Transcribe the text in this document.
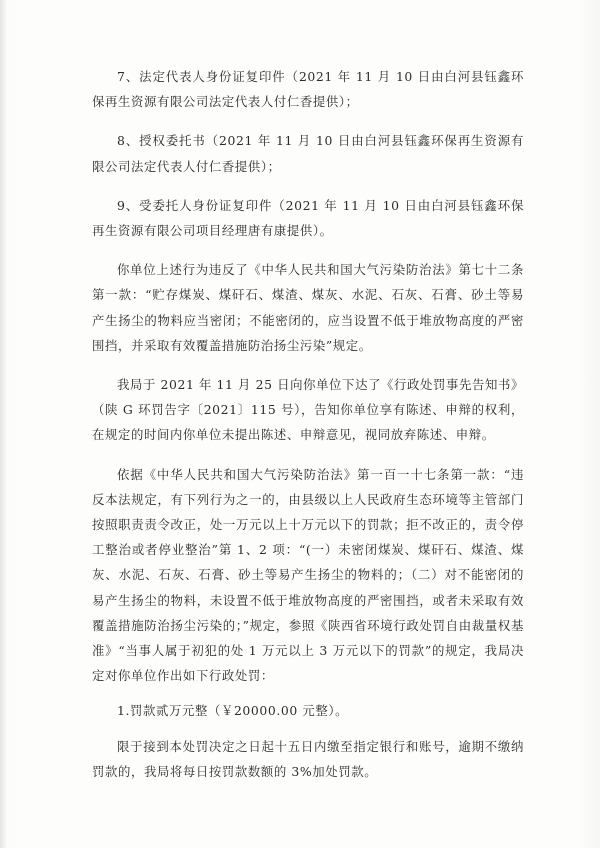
7、法定代表人身份证复印件（2021 年 11 月 10 日由白河县钰鑫环保再生资源有限公司法定代表人付仁香提供）；

8、授权委托书（2021 年 11 月 10 日由白河县钰鑫环保再生资源有限公司法定代表人付仁香提供）；

9、受委托人身份证复印件（2021 年 11 月 10 日由白河县钰鑫环保再生资源有限公司项目经理唐有康提供）。

你单位上述行为违反了《中华人民共和国大气污染防治法》第七十二条第一款：“贮存煤炭、煤矸石、煤渣、煤灰、水泥、石灰、石膏、砂土等易产生扬尘的物料应当密闭；不能密闭的，应当设置不低于堆放物高度的严密围挡，并采取有效覆盖措施防治扬尘污染”规定。

我局于 2021 年 11 月 25 日向你单位下达了《行政处罚事先告知书》（陕 G 环罚告字〔2021〕115 号），告知你单位享有陈述、申辩的权利，在规定的时间内你单位未提出陈述、申辩意见，视同放弃陈述、申辩。

依据《中华人民共和国大气污染防治法》第一百一十七条第一款：“违反本法规定，有下列行为之一的，由县级以上人民政府生态环境等主管部门按照职责责令改正，处一万元以上十万元以下的罚款；拒不改正的，责令停工整治或者停业整治”第 1、2 项：“(一）未密闭煤炭、煤矸石、煤渣、煤灰、水泥、石灰、石膏、砂土等易产生扬尘的物料的；（二）对不能密闭的易产生扬尘的物料，未设置不低于堆放物高度的严密围挡，或者未采取有效覆盖措施防治扬尘污染的；”规定，参照《陕西省环境行政处罚自由裁量权基准》“当事人属于初犯的处 1 万元以上 3 万元以下的罚款”的规定，我局决定对你单位作出如下行政处罚：

1.罚款贰万元整（￥20000.00 元整）。

限于接到本处罚决定之日起十五日内缴至指定银行和账号，逾期不缴纳罚款的，我局将每日按罚款数额的 3%加处罚款。
